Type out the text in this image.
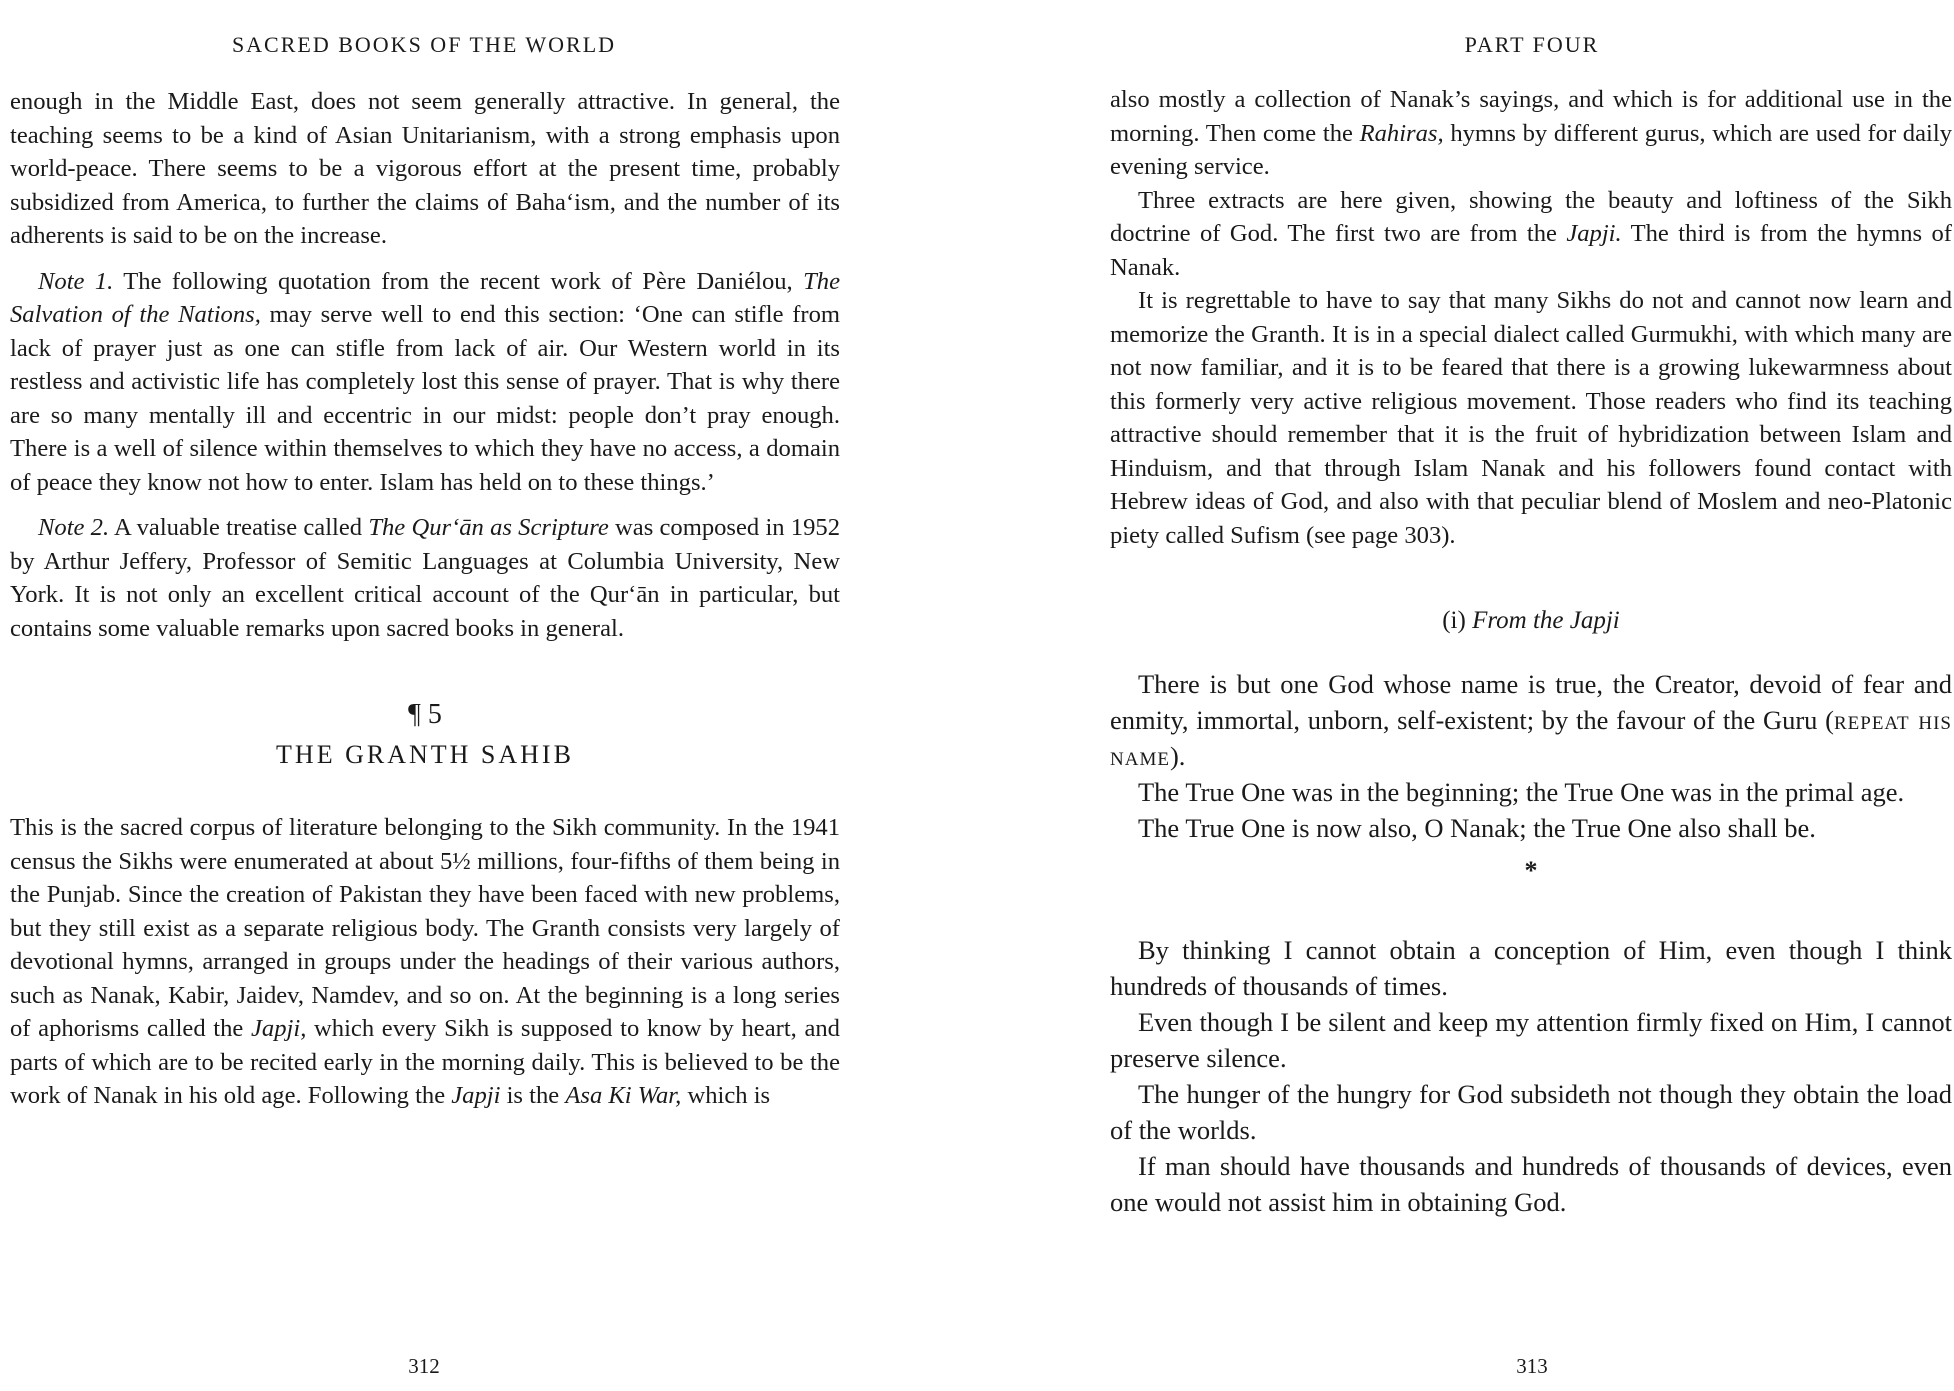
SACRED BOOKS OF THE WORLD

enough in the Middle East, does not seem generally attractive. In general, the teaching seems to be a kind of Asian Unitarianism, with a strong emphasis upon world-peace. There seems to be a vigorous effort at the present time, probably subsidized from America, to further the claims of Baha‘ism, and the number of its adherents is said to be on the increase.

Note 1. The following quotation from the recent work of Père Daniélou, The Salvation of the Nations, may serve well to end this section: ‘One can stifle from lack of prayer just as one can stifle from lack of air. Our Western world in its restless and activistic life has completely lost this sense of prayer. That is why there are so many mentally ill and eccentric in our midst: people don’t pray enough. There is a well of silence within themselves to which they have no access, a domain of peace they know not how to enter. Islam has held on to these things.’

Note 2. A valuable treatise called The Qur‘ān as Scripture was composed in 1952 by Arthur Jeffery, Professor of Semitic Languages at Columbia University, New York. It is not only an excellent critical account of the Qur‘ān in particular, but contains some valuable remarks upon sacred books in general.

¶ 5
THE GRANTH SAHIB

This is the sacred corpus of literature belonging to the Sikh community. In the 1941 census the Sikhs were enumerated at about 5½ millions, four-fifths of them being in the Punjab. Since the creation of Pakistan they have been faced with new problems, but they still exist as a separate religious body. The Granth consists very largely of devotional hymns, arranged in groups under the headings of their various authors, such as Nanak, Kabir, Jaidev, Namdev, and so on. At the beginning is a long series of aphorisms called the Japji, which every Sikh is supposed to know by heart, and parts of which are to be recited early in the morning daily. This is believed to be the work of Nanak in his old age. Following the Japji is the Asa Ki War, which is

312
PART FOUR

also mostly a collection of Nanak’s sayings, and which is for additional use in the morning. Then come the Rahiras, hymns by different gurus, which are used for daily evening service.

Three extracts are here given, showing the beauty and loftiness of the Sikh doctrine of God. The first two are from the Japji. The third is from the hymns of Nanak.

It is regrettable to have to say that many Sikhs do not and cannot now learn and memorize the Granth. It is in a special dialect called Gurmukhi, with which many are not now familiar, and it is to be feared that there is a growing lukewarmness about this formerly very active religious movement. Those readers who find its teaching attractive should remember that it is the fruit of hybridization between Islam and Hinduism, and that through Islam Nanak and his followers found contact with Hebrew ideas of God, and also with that peculiar blend of Moslem and neo-Platonic piety called Sufism (see page 303).

(i) From the Japji

There is but one God whose name is true, the Creator, devoid of fear and enmity, immortal, unborn, self-existent; by the favour of the Guru (repeat his name).

The True One was in the beginning; the True One was in the primal age.

The True One is now also, O Nanak; the True One also shall be.

*

By thinking I cannot obtain a conception of Him, even though I think hundreds of thousands of times.

Even though I be silent and keep my attention firmly fixed on Him, I cannot preserve silence.

The hunger of the hungry for God subsideth not though they obtain the load of the worlds.

If man should have thousands and hundreds of thousands of devices, even one would not assist him in obtaining God.

313
